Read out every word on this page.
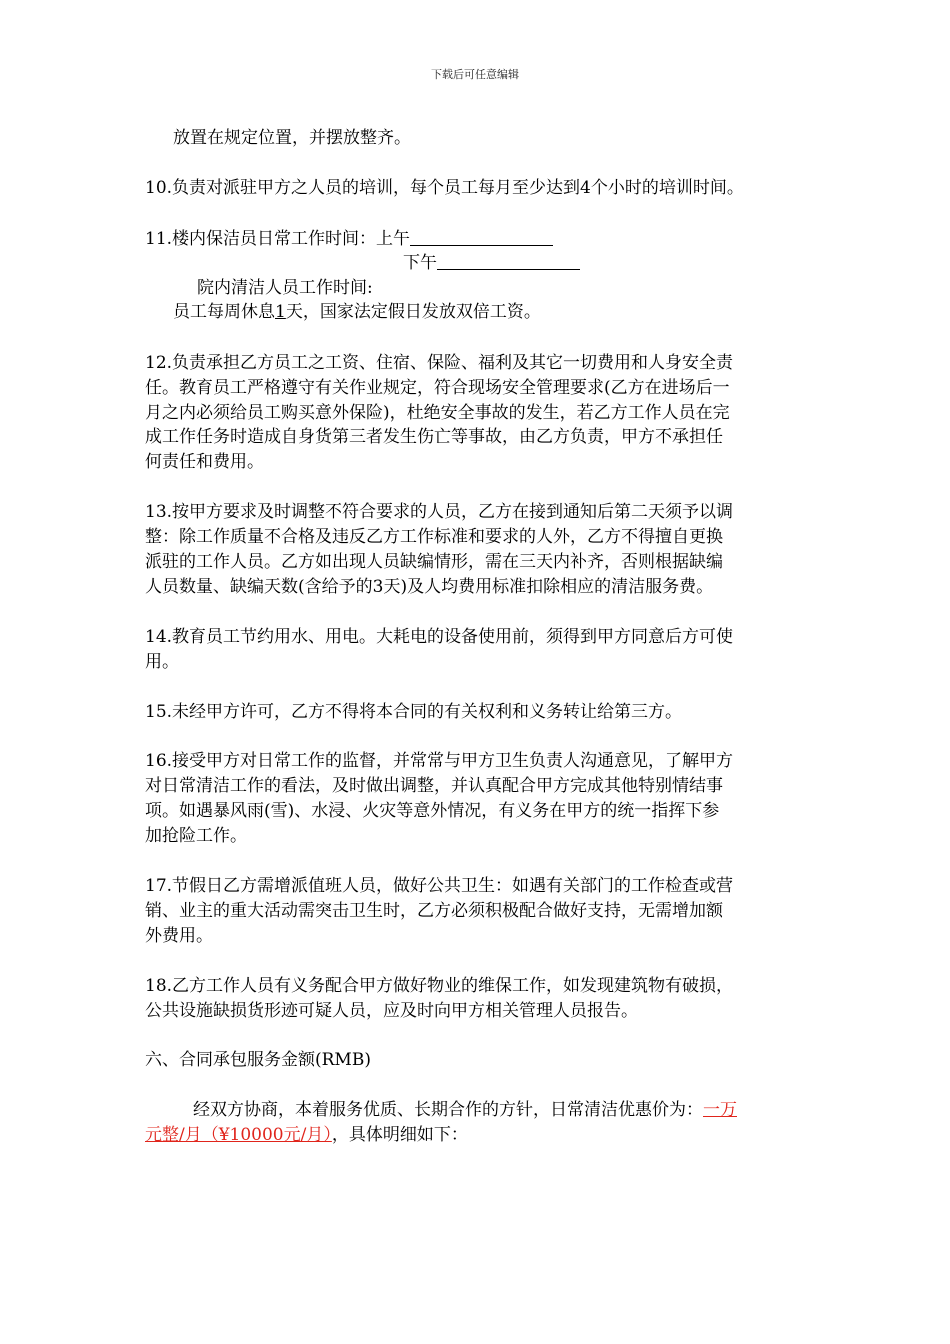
下载后可任意编辑
放置在规定位置，并摆放整齐。
10.负责对派驻甲方之人员的培训，每个员工每月至少达到4个小时的培训时间。
11.楼内保洁员日常工作时间：上午
下午
院内清洁人员工作时间:
员工每周休息1天，国家法定假日发放双倍工资。
12.负责承担乙方员工之工资、住宿、保险、福利及其它一切费用和人身安全责
任。教育员工严格遵守有关作业规定，符合现场安全管理要求(乙方在进场后一
月之内必须给员工购买意外保险)，杜绝安全事故的发生，若乙方工作人员在完
成工作任务时造成自身货第三者发生伤亡等事故，由乙方负责，甲方不承担任
何责任和费用。
13.按甲方要求及时调整不符合要求的人员，乙方在接到通知后第二天须予以调
整：除工作质量不合格及违反乙方工作标准和要求的人外，乙方不得擅自更换
派驻的工作人员。乙方如出现人员缺编情形，需在三天内补齐，否则根据缺编
人员数量、缺编天数(含给予的3天)及人均费用标准扣除相应的清洁服务费。
14.教育员工节约用水、用电。大耗电的设备使用前，须得到甲方同意后方可使
用。
15.未经甲方许可，乙方不得将本合同的有关权利和义务转让给第三方。
16.接受甲方对日常工作的监督，并常常与甲方卫生负责人沟通意见，了解甲方
对日常清洁工作的看法，及时做出调整，并认真配合甲方完成其他特别情结事
项。如遇暴风雨(雪)、水浸、火灾等意外情况，有义务在甲方的统一指挥下参
加抢险工作。
17.节假日乙方需增派值班人员，做好公共卫生：如遇有关部门的工作检查或营
销、业主的重大活动需突击卫生时，乙方必须积极配合做好支持，无需增加额
外费用。
18.乙方工作人员有义务配合甲方做好物业的维保工作，如发现建筑物有破损，
公共设施缺损货形迹可疑人员，应及时向甲方相关管理人员报告。
六、合同承包服务金额(RMB)
经双方协商，本着服务优质、长期合作的方针，日常清洁优惠价为：一万
元整/月（¥10000元/月），具体明细如下：
